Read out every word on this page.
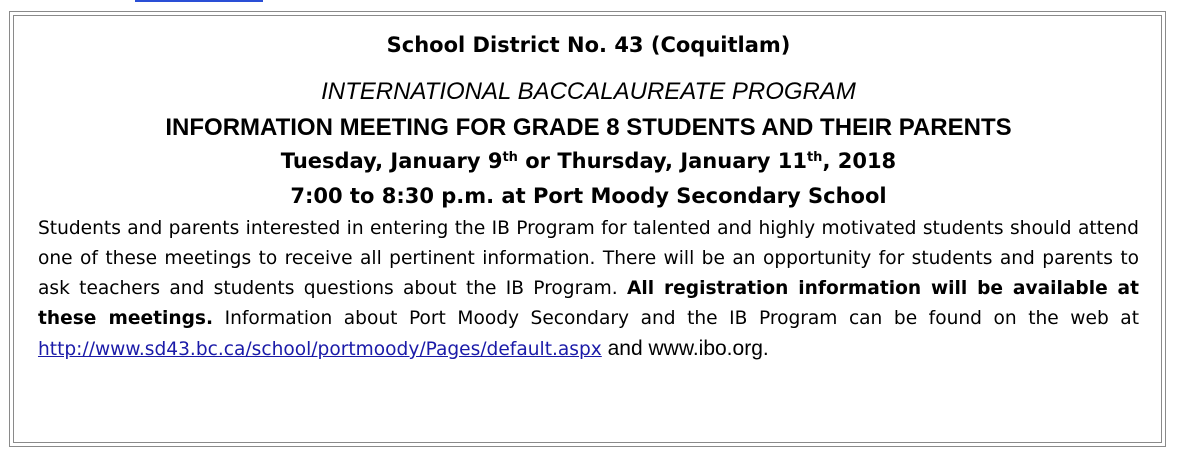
School District No. 43 (Coquitlam)
INTERNATIONAL BACCALAUREATE PROGRAM
INFORMATION MEETING FOR GRADE 8 STUDENTS AND THEIR PARENTS
Tuesday, January 9th or Thursday, January 11th, 2018
7:00 to 8:30 p.m. at Port Moody Secondary School
Students and parents interested in entering the IB Program for talented and highly motivated students should attend one of these meetings to receive all pertinent information. There will be an opportunity for students and parents to ask teachers and students questions about the IB Program. All registration information will be available at these meetings. Information about Port Moody Secondary and the IB Program can be found on the web at http://www.sd43.bc.ca/school/portmoody/Pages/default.aspx and www.ibo.org.
